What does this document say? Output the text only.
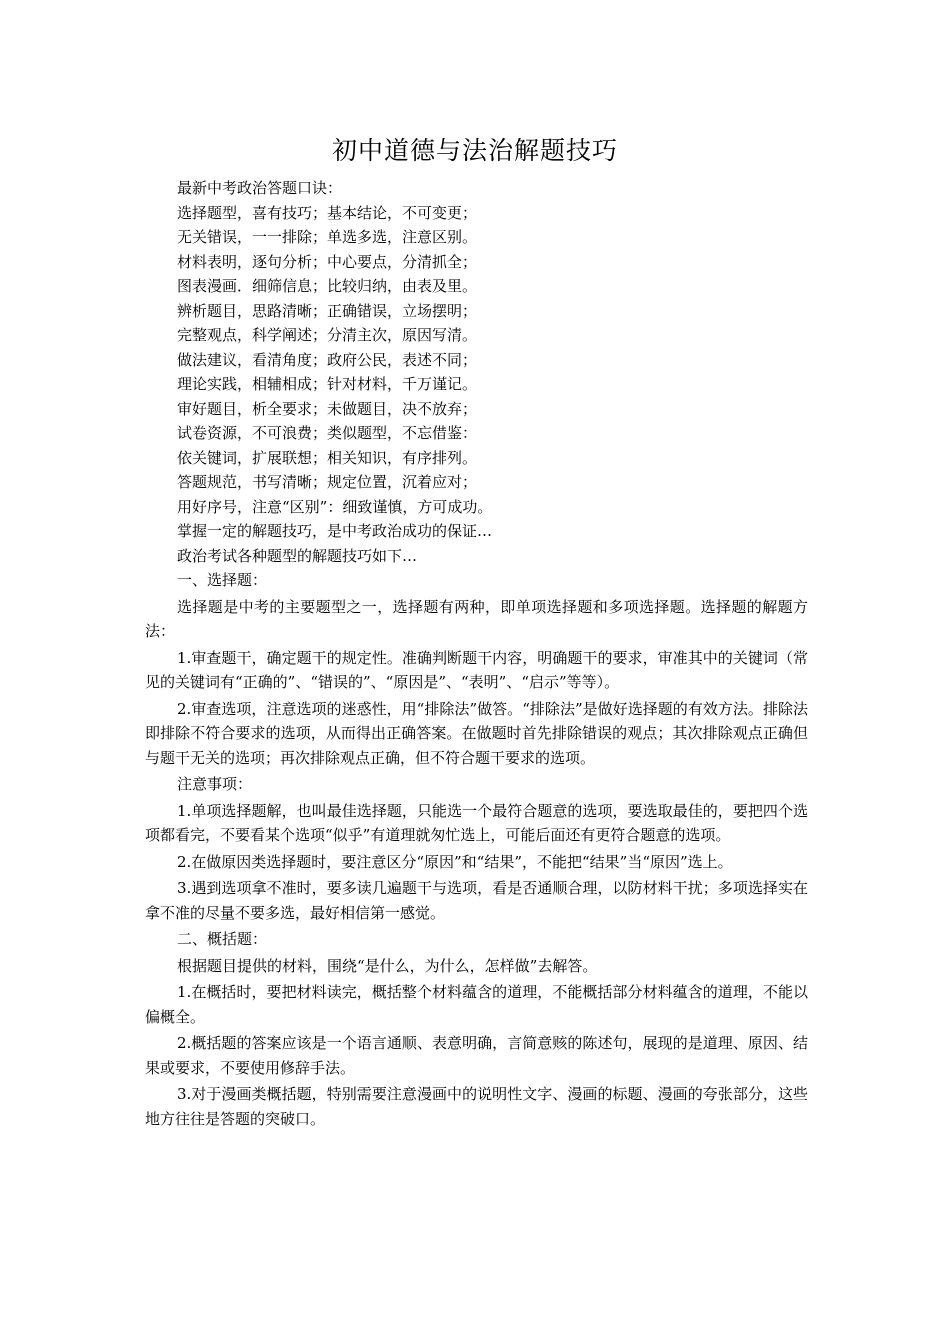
初中道德与法治解题技巧

最新中考政治答题口诀：

选择题型，喜有技巧；基本结论，不可变更；

无关错误，一一排除；单选多选，注意区别。

材料表明，逐句分析；中心要点，分清抓全；

图表漫画．细筛信息；比较归纳，由表及里。

辨析题目，思路清晰；正确错误，立场摆明；

完整观点，科学阐述；分清主次，原因写清。

做法建议，看清角度；政府公民，表述不同；

理论实践，相辅相成；针对材料，千万谨记。

审好题目，析全要求；未做题目，决不放弃；

试卷资源，不可浪费；类似题型，不忘借鉴：

依关键词，扩展联想；相关知识，有序排列。

答题规范，书写清晰；规定位置，沉着应对；

用好序号，注意“区别”：细致谨慎，方可成功。

掌握一定的解题技巧，是中考政治成功的保证…

政治考试各种题型的解题技巧如下…

一、选择题：

选择题是中考的主要题型之一，选择题有两种，即单项选择题和多项选择题。选择题的解题方法：

1.审查题干，确定题干的规定性。准确判断题干内容，明确题干的要求，审准其中的关键词（常见的关键词有“正确的”、“错误的”、“原因是”、“表明”、“启示”等等）。

2.审查选项，注意选项的迷惑性，用“排除法”做答。“排除法”是做好选择题的有效方法。排除法即排除不符合要求的选项，从而得出正确答案。在做题时首先排除错误的观点；其次排除观点正确但与题干无关的选项；再次排除观点正确，但不符合题干要求的选项。

注意事项：

1.单项选择题解，也叫最佳选择题，只能选一个最符合题意的选项，要选取最佳的，要把四个选项都看完，不要看某个选项“似乎”有道理就匆忙选上，可能后面还有更符合题意的选项。

2.在做原因类选择题时，要注意区分“原因”和“结果”，不能把“结果”当“原因”选上。

3.遇到选项拿不准时，要多读几遍题干与选项，看是否通顺合理，以防材料干扰；多项选择实在拿不准的尽量不要多选，最好相信第一感觉。

二、概括题：

根据题目提供的材料，围绕“是什么，为什么，怎样做”去解答。

1.在概括时，要把材料读完，概括整个材料蕴含的道理，不能概括部分材料蕴含的道理，不能以偏概全。

2.概括题的答案应该是一个语言通顺、表意明确，言简意赅的陈述句，展现的是道理、原因、结果或要求，不要使用修辞手法。

3.对于漫画类概括题，特别需要注意漫画中的说明性文字、漫画的标题、漫画的夸张部分，这些地方往往是答题的突破口。
